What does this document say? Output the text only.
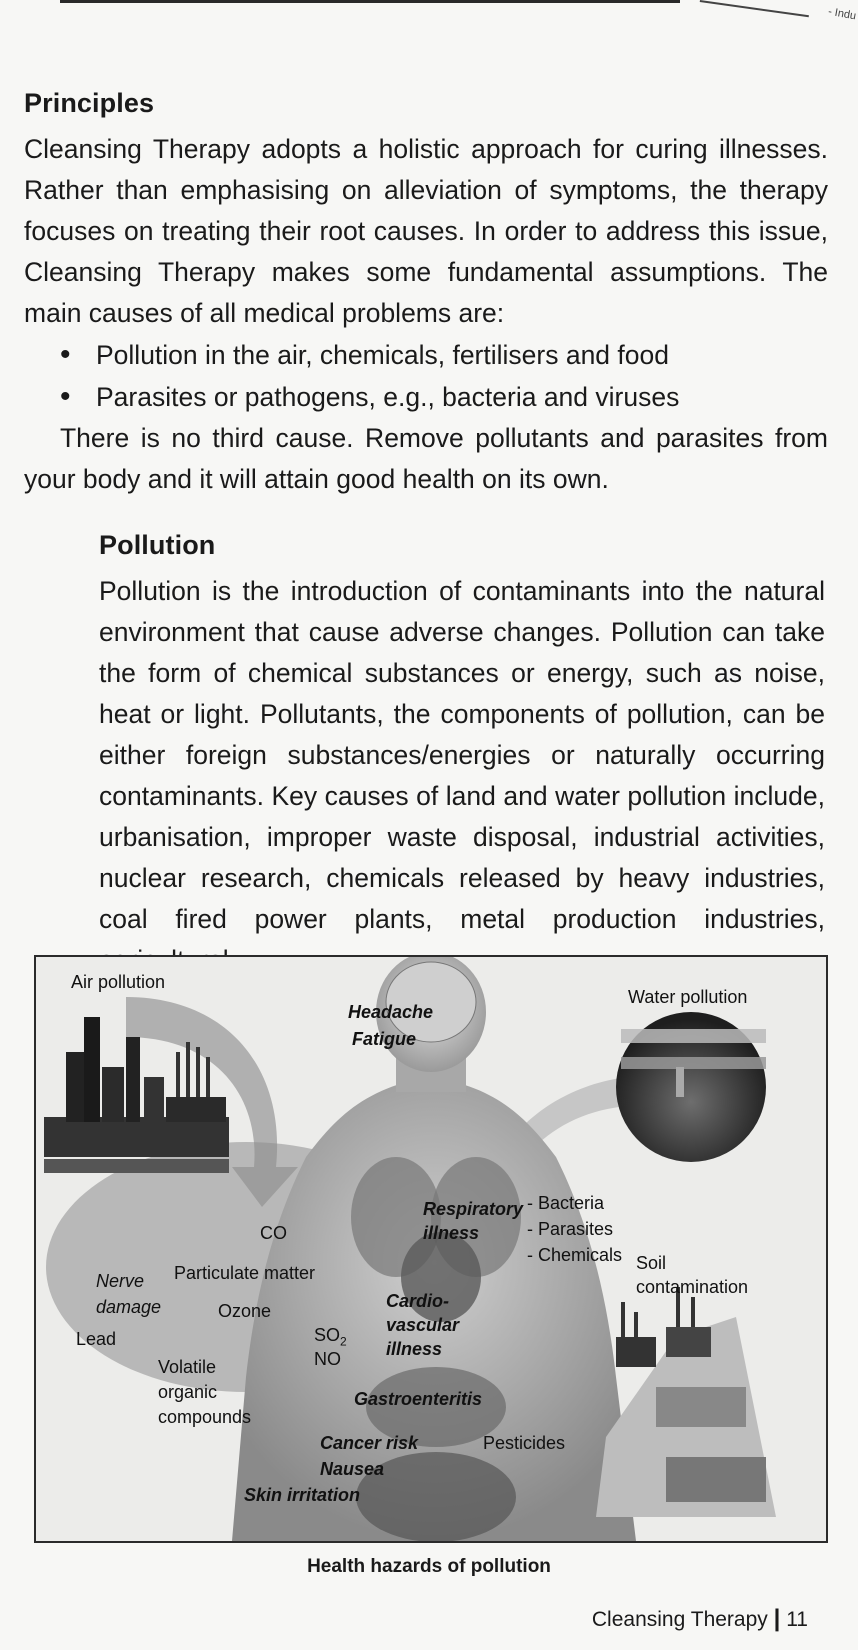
- Indu
Principles

Cleansing Therapy adopts a holistic approach for curing illnesses. Rather than emphasising on alleviation of symptoms, the therapy focuses on treating their root causes. In order to address this issue, Cleansing Therapy makes some fundamental assumptions. The main causes of all medical problems are:

• Pollution in the air, chemicals, fertilisers and food
• Parasites or pathogens, e.g., bacteria and viruses

There is no third cause. Remove pollutants and parasites from your body and it will attain good health on its own.

Pollution

Pollution is the introduction of contaminants into the natural environment that cause adverse changes. Pollution can take the form of chemical substances or energy, such as noise, heat or light. Pollutants, the components of pollution, can be either foreign substances/energies or naturally occurring contaminants. Key causes of land and water pollution include, urbanisation, improper waste disposal, industrial activities, nuclear research, chemicals released by heavy industries, coal fired power plants, metal production industries,

Air pollution
Water pollution
Headache
Fatigue
Respiratory
illness
- Bacteria
- Parasites
- Chemicals Soil
contamination
CO
Particulate matter
Nerve
damage	Ozone	Cardio-
vascular
illness
Lead	$SO_2$
NO
Volatile
organic
compounds
Gastroenteritis
Cancer risk	Pesticides
Nausea
Skin irritation
Health hazards of pollution
Cleansing Therapy | 11
